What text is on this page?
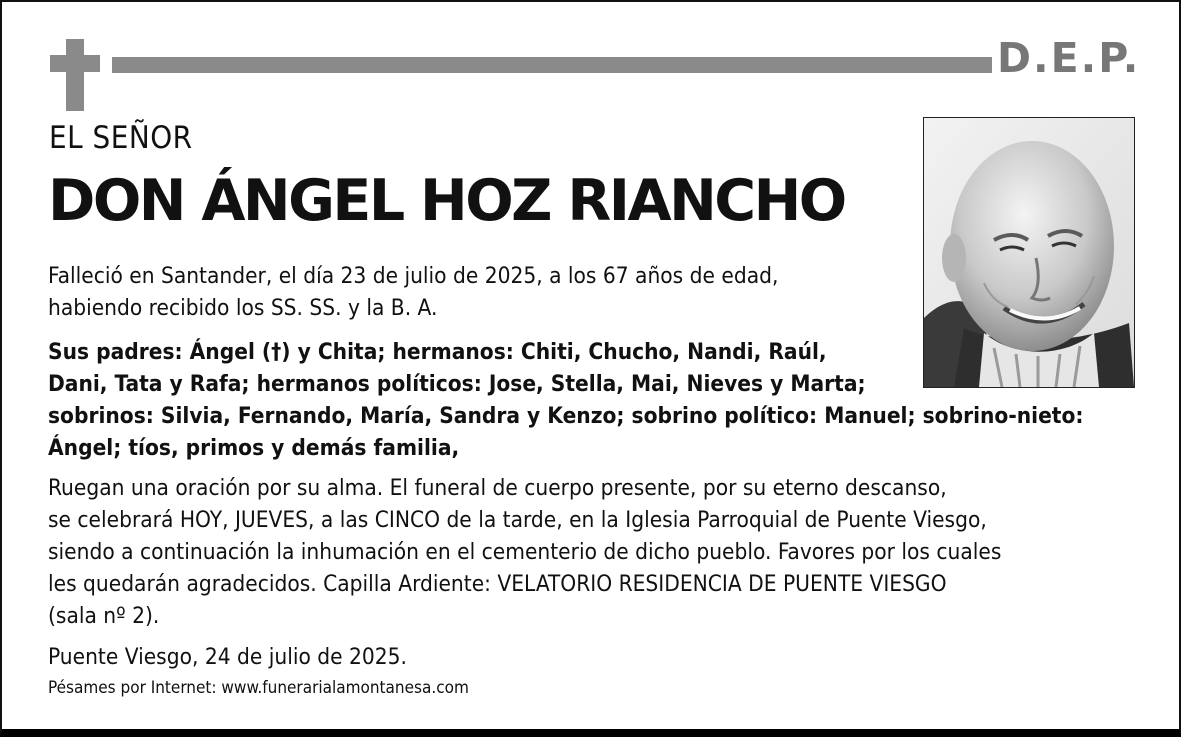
D.E.P.
EL SEÑOR
DON ÁNGEL HOZ RIANCHO
Falleció en Santander, el día 23 de julio de 2025, a los 67 años de edad,
habiendo recibido los SS. SS. y la B. A.
Sus padres: Ángel (†) y Chita; hermanos: Chiti, Chucho, Nandi, Raúl,
Dani, Tata y Rafa; hermanos políticos: Jose, Stella, Mai, Nieves y Marta;
sobrinos: Silvia, Fernando, María, Sandra y Kenzo; sobrino político: Manuel; sobrino-nieto:
Ángel; tíos, primos y demás familia,
Ruegan una oración por su alma. El funeral de cuerpo presente, por su eterno descanso,
se celebrará HOY, JUEVES, a las CINCO de la tarde, en la Iglesia Parroquial de Puente Viesgo,
siendo a continuación la inhumación en el cementerio de dicho pueblo. Favores por los cuales
les quedarán agradecidos. Capilla Ardiente: VELATORIO RESIDENCIA DE PUENTE VIESGO
(sala nº 2).
Puente Viesgo, 24 de julio de 2025.
Pésames por Internet: www.funerarialamontanesa.com
